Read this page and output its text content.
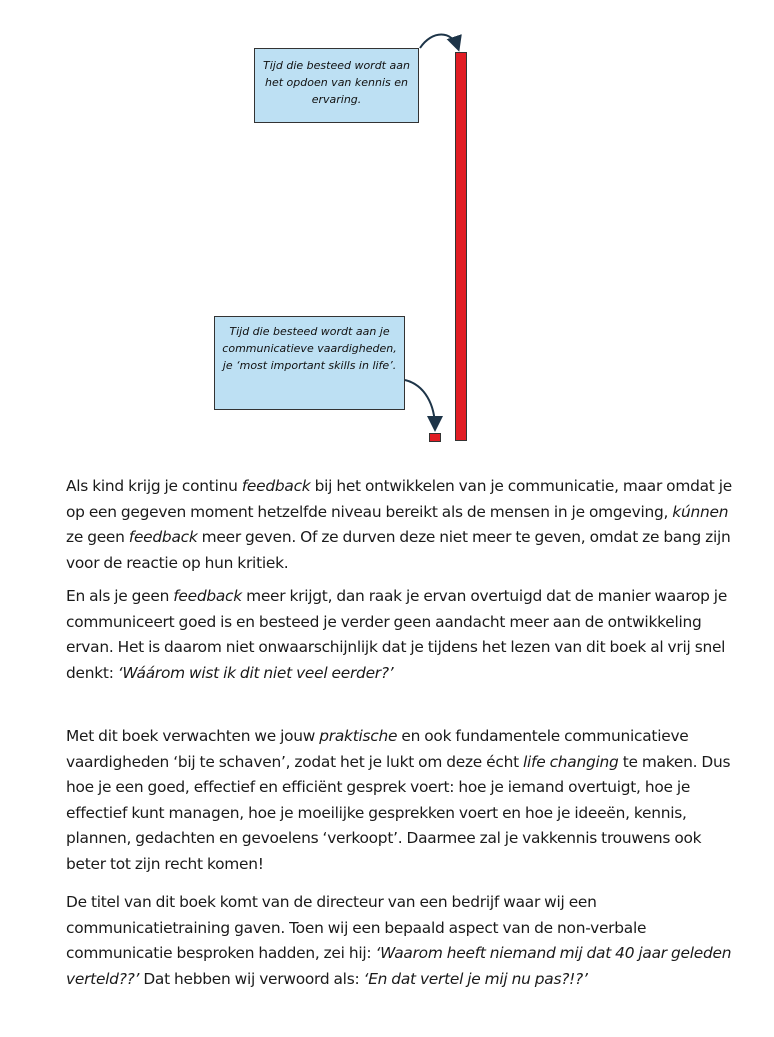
Tijd die besteed wordt aan het opdoen van kennis en ervaring.
Tijd die besteed wordt aan je communicatieve vaardigheden, je ‘most important skills in life’.

Als kind krijg je continu feedback bij het ontwikkelen van je communicatie, maar omdat je op een gegeven moment hetzelfde niveau bereikt als de mensen in je omgeving, kúnnen ze geen feedback meer geven. Of ze durven deze niet meer te geven, omdat ze bang zijn voor de reactie op hun kritiek.

En als je geen feedback meer krijgt, dan raak je ervan overtuigd dat de manier waarop je communiceert goed is en besteed je verder geen aandacht meer aan de ontwikkeling ervan. Het is daarom niet onwaarschijnlijk dat je tijdens het lezen van dit boek al vrij snel denkt: ‘Wáárom wist ik dit niet veel eerder?’

Met dit boek verwachten we jouw praktische en ook fundamentele communicatieve vaardigheden ‘bij te schaven’, zodat het je lukt om deze écht life changing te maken. Dus hoe je een goed, effectief en efficiënt gesprek voert: hoe je iemand overtuigt, hoe je effectief kunt managen, hoe je moeilijke gesprekken voert en hoe je ideeën, kennis, plannen, gedachten en gevoelens ‘verkoopt’. Daarmee zal je vakkennis trouwens ook beter tot zijn recht komen!

De titel van dit boek komt van de directeur van een bedrijf waar wij een communicatietraining gaven. Toen wij een bepaald aspect van de non-verbale communicatie besproken hadden, zei hij: ‘Waarom heeft niemand mij dat 40 jaar geleden verteld??’ Dat hebben wij verwoord als: ‘En dat vertel je mij nu pas?!?’
